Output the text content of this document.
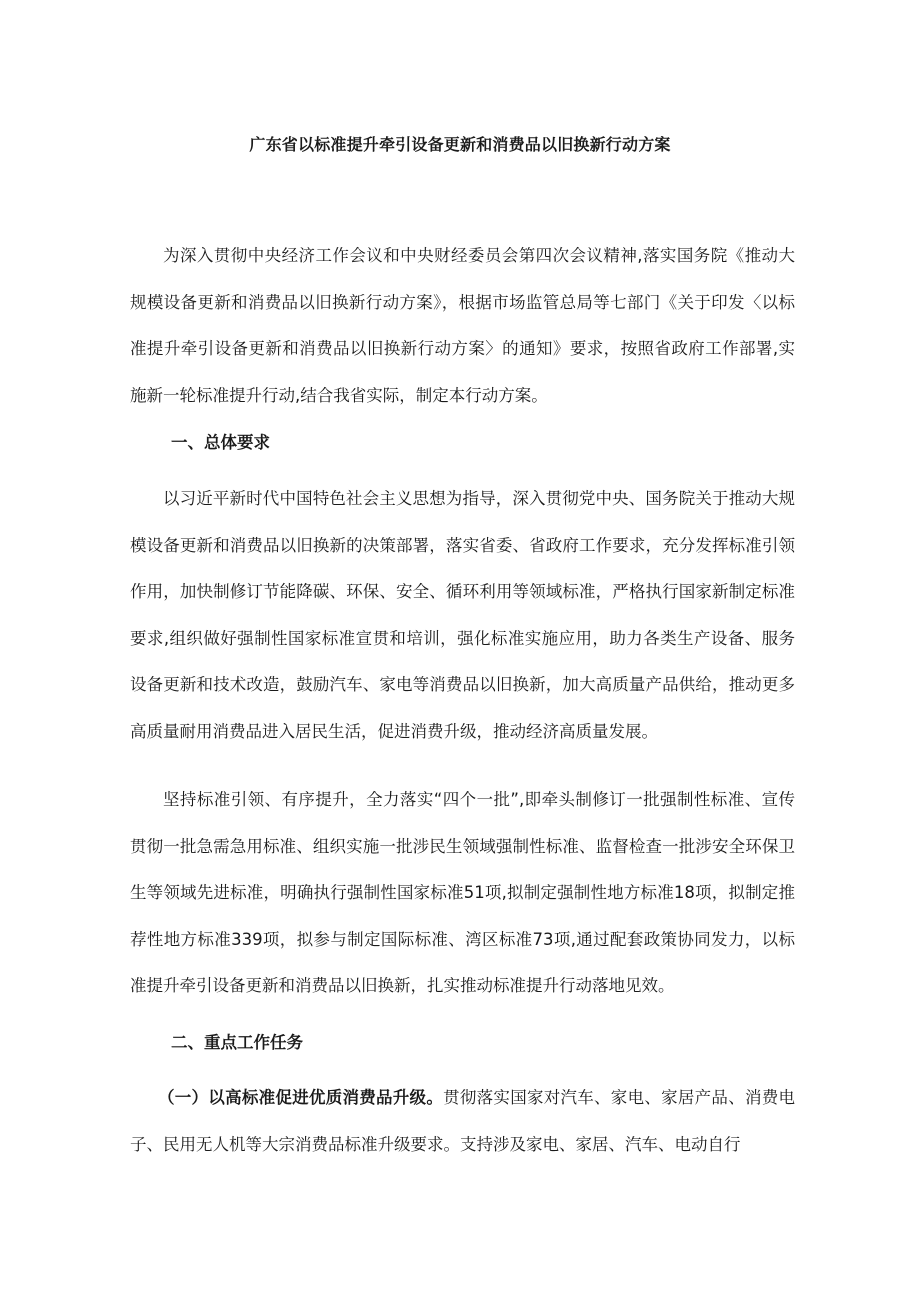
广东省以标准提升牵引设备更新和消费品以旧换新行动方案

为深入贯彻中央经济工作会议和中央财经委员会第四次会议精神,落实国务院《推动大规模设备更新和消费品以旧换新行动方案》，根据市场监管总局等七部门《关于印发〈以标准提升牵引设备更新和消费品以旧换新行动方案〉的通知》要求，按照省政府工作部署,实施新一轮标准提升行动,结合我省实际，制定本行动方案。

一、总体要求

以习近平新时代中国特色社会主义思想为指导，深入贯彻党中央、国务院关于推动大规模设备更新和消费品以旧换新的决策部署，落实省委、省政府工作要求，充分发挥标准引领作用，加快制修订节能降碳、环保、安全、循环利用等领域标准，严格执行国家新制定标准要求,组织做好强制性国家标准宣贯和培训，强化标准实施应用，助力各类生产设备、服务设备更新和技术改造，鼓励汽车、家电等消费品以旧换新，加大高质量产品供给，推动更多高质量耐用消费品进入居民生活，促进消费升级，推动经济高质量发展。

坚持标准引领、有序提升，全力落实“四个一批”,即牵头制修订一批强制性标准、宣传贯彻一批急需急用标准、组织实施一批涉民生领域强制性标准、监督检查一批涉安全环保卫生等领域先进标准，明确执行强制性国家标准51项,拟制定强制性地方标准18项，拟制定推荐性地方标准339项，拟参与制定国际标准、湾区标准73项,通过配套政策协同发力，以标准提升牵引设备更新和消费品以旧换新，扎实推动标准提升行动落地见效。

二、重点工作任务

（一）以高标准促进优质消费品升级。贯彻落实国家对汽车、家电、家居产品、消费电子、民用无人机等大宗消费品标准升级要求。支持涉及家电、家居、汽车、电动自行
